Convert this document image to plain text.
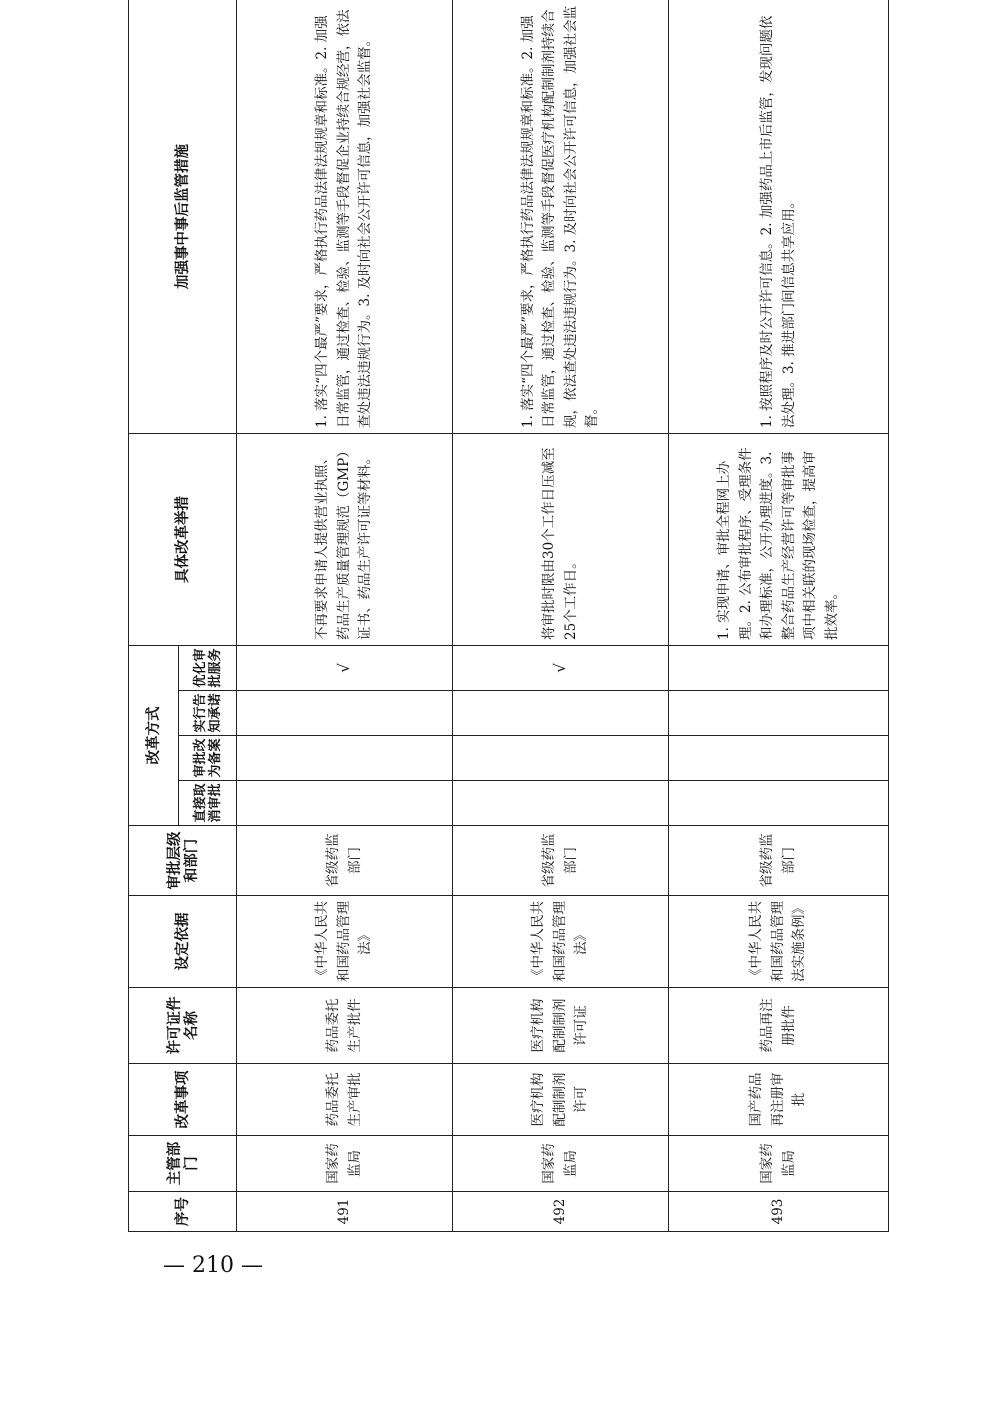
序号	主管部门	改革事项	许可证件名称	设定依据	审批层级和部门	改革方式				具体改革举措	加强事中事后监管措施
						直接取消审批	审批改为备案	实行告知承诺	优化审批服务		
491	国家药监局	药品委托生产审批	药品委托生产批件	《中华人民共和国药品管理法》	省级药监部门				√	不再要求申请人提供营业执照、药品生产质量管理规范（GMP）证书、药品生产许可证等材料。	1. 落实“四个最严”要求，严格执行药品法律法规规章和标准。2. 加强日常监管，通过检查、检验、监测等手段督促企业持续合规经营，依法查处违法违规行为。3. 及时向社会公开许可信息，加强社会监督。
492	国家药监局	医疗机构配制制剂许可	医疗机构配制制剂许可证	《中华人民共和国药品管理法》	省级药监部门				√	将审批时限由30个工作日压减至25个工作日。	1. 落实“四个最严”要求，严格执行药品法律法规规章和标准。2. 加强日常监管，通过检查、检验、监测等手段督促医疗机构配制制剂持续合规，依法查处违法违规行为。3. 及时向社会公开许可信息，加强社会监督。
493	国家药监局	国产药品再注册审批	药品再注册批件	《中华人民共和国药品管理法实施条例》	省级药监部门					1. 实现申请、审批全程网上办理。2. 公布审批程序、受理条件和办理标准，公开办理进度。3. 整合药品生产经营许可等审批事项中相关联的现场检查，提高审批效率。	1. 按照程序及时公开许可信息。2. 加强药品上市后监管，发现问题依法处理。3. 推进部门间信息共享应用。
— 210 —
